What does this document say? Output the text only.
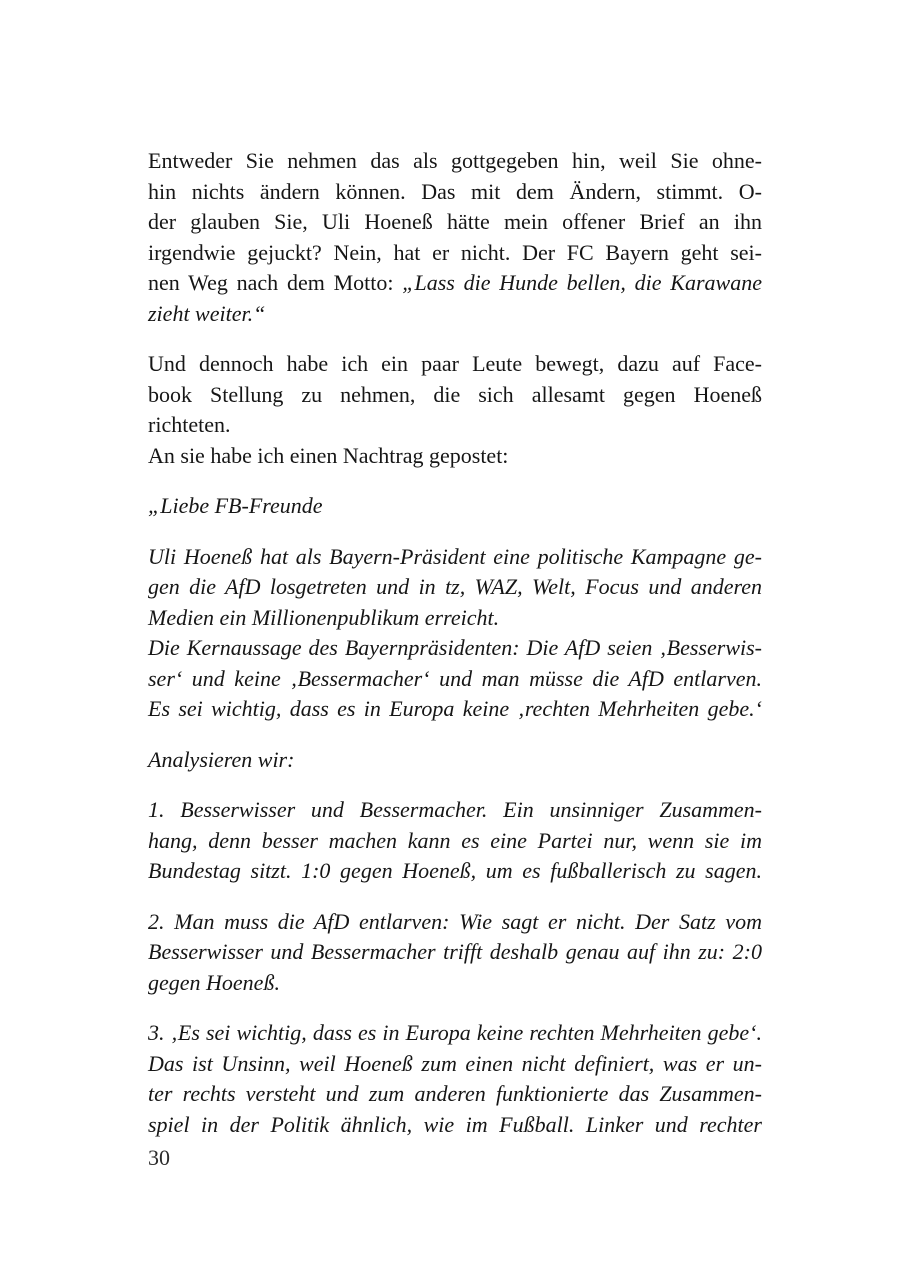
Entweder Sie nehmen das als gottgegeben hin, weil Sie ohne-
hin nichts ändern können. Das mit dem Ändern, stimmt. O-
der glauben Sie, Uli Hoeneß hätte mein offener Brief an ihn
irgendwie gejuckt? Nein, hat er nicht. Der FC Bayern geht sei-
nen Weg nach dem Motto: „Lass die Hunde bellen, die Karawane
zieht weiter.“
Und dennoch habe ich ein paar Leute bewegt, dazu auf Face-
book Stellung zu nehmen, die sich allesamt gegen Hoeneß
richteten.
An sie habe ich einen Nachtrag gepostet:
„Liebe FB-Freunde
Uli Hoeneß hat als Bayern-Präsident eine politische Kampagne ge-
gen die AfD losgetreten und in tz, WAZ, Welt, Focus und anderen
Medien ein Millionenpublikum erreicht.
Die Kernaussage des Bayernpräsidenten: Die AfD seien ‚Besserwis-
ser‘ und keine ‚Bessermacher‘ und man müsse die AfD entlarven.
Es sei wichtig, dass es in Europa keine ‚rechten Mehrheiten gebe.‘
Analysieren wir:
1. Besserwisser und Bessermacher. Ein unsinniger Zusammen-
hang, denn besser machen kann es eine Partei nur, wenn sie im
Bundestag sitzt. 1:0 gegen Hoeneß, um es fußballerisch zu sagen.
2. Man muss die AfD entlarven: Wie sagt er nicht. Der Satz vom
Besserwisser und Bessermacher trifft deshalb genau auf ihn zu: 2:0
gegen Hoeneß.
3. ‚Es sei wichtig, dass es in Europa keine rechten Mehrheiten gebe‘.
Das ist Unsinn, weil Hoeneß zum einen nicht definiert, was er un-
ter rechts versteht und zum anderen funktionierte das Zusammen-
spiel in der Politik ähnlich, wie im Fußball. Linker und rechter
30
